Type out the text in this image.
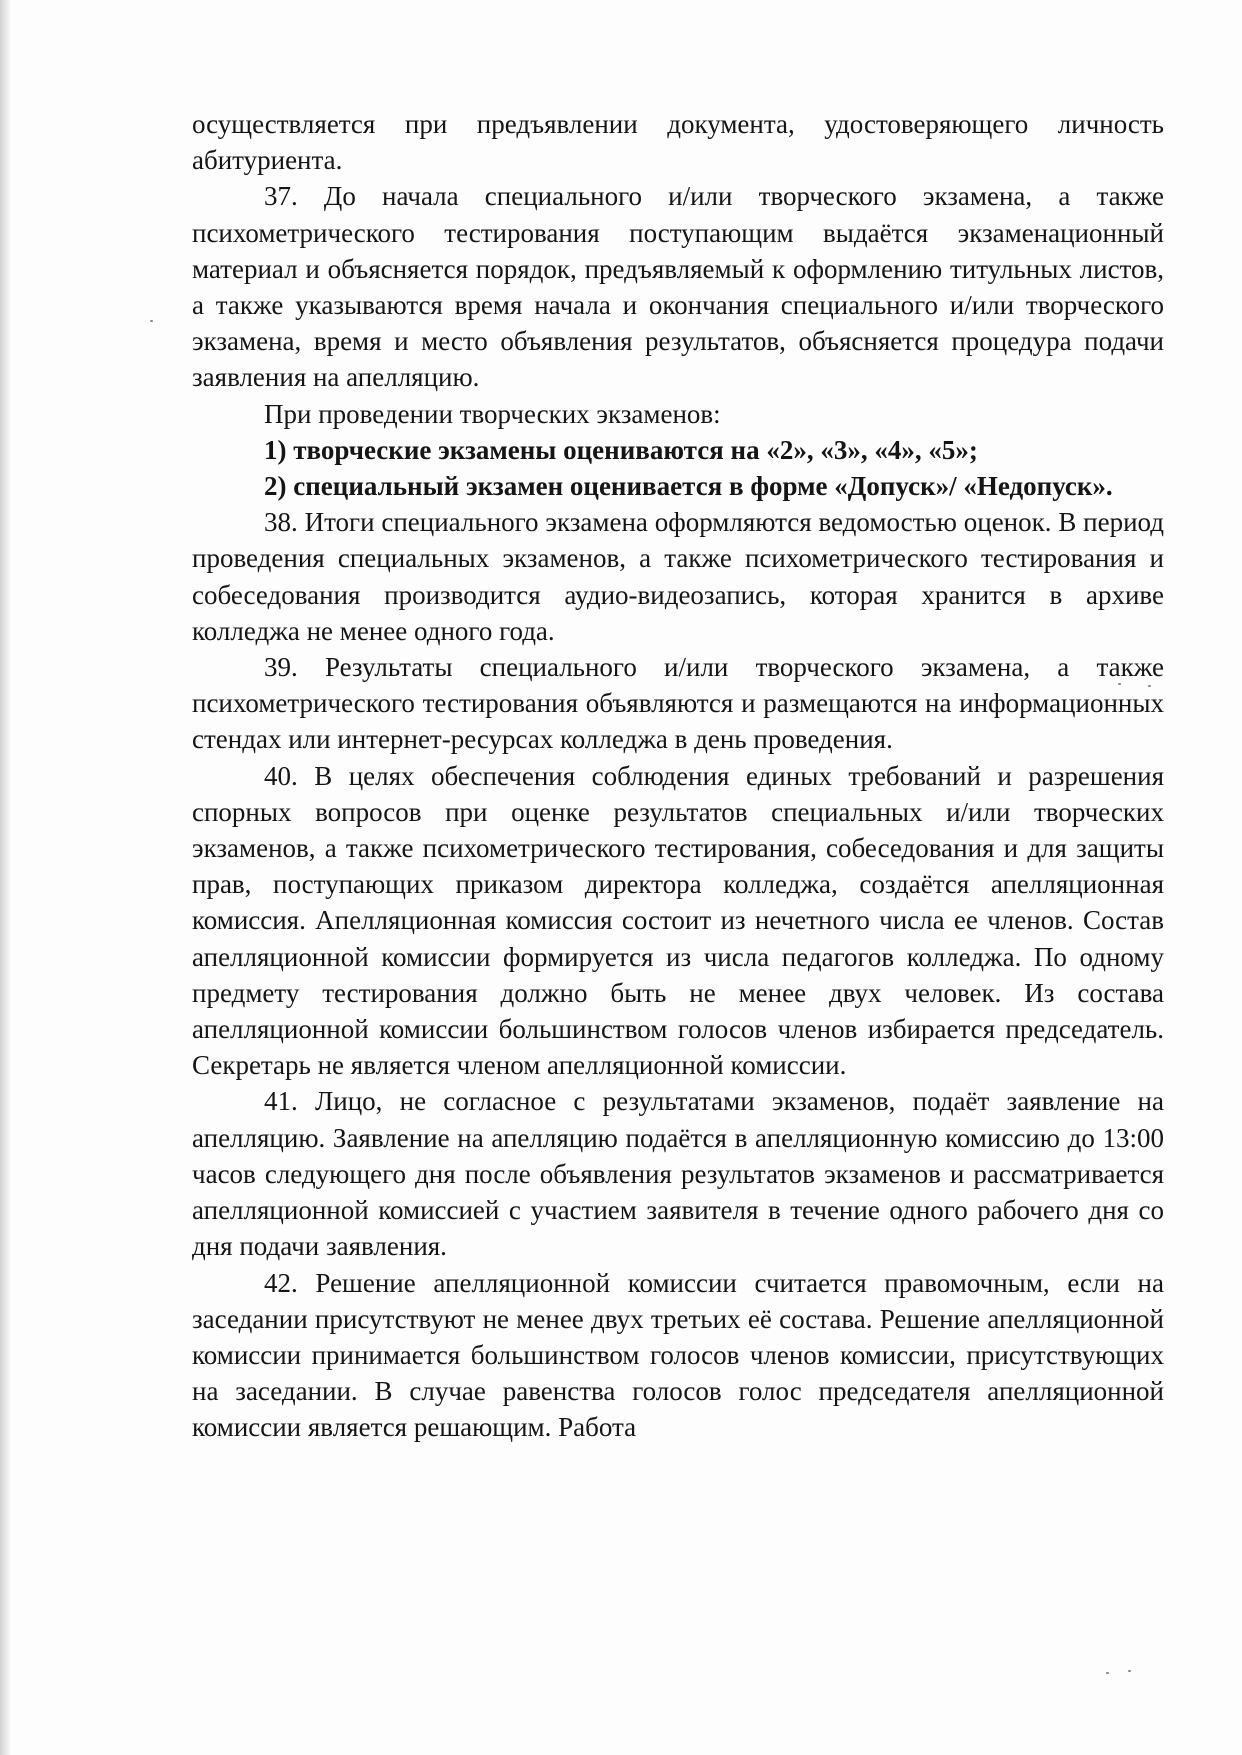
осуществляется при предъявлении документа, удостоверяющего личность абитуриента.

37. До начала специального и/или творческого экзамена, а также психометрического тестирования поступающим выдаётся экзаменационный материал и объясняется порядок, предъявляемый к оформлению титульных листов, а также указываются время начала и окончания специального и/или творческого экзамена, время и место объявления результатов, объясняется процедура подачи заявления на апелляцию.

При проведении творческих экзаменов:

1) творческие экзамены оцениваются на «2», «3», «4», «5»;

2) специальный экзамен оценивается в форме «Допуск»/ «Недопуск».

38. Итоги специального экзамена оформляются ведомостью оценок. В период проведения специальных экзаменов, а также психометрического тестирования и собеседования производится аудио-видеозапись, которая хранится в архиве колледжа не менее одного года.

39. Результаты специального и/или творческого экзамена, а также психометрического тестирования объявляются и размещаются на информационных стендах или интернет-ресурсах колледжа в день проведения.

40. В целях обеспечения соблюдения единых требований и разрешения спорных вопросов при оценке результатов специальных и/или творческих экзаменов, а также психометрического тестирования, собеседования и для защиты прав, поступающих приказом директора колледжа, создаётся апелляционная комиссия. Апелляционная комиссия состоит из нечетного числа ее членов. Состав апелляционной комиссии формируется из числа педагогов колледжа. По одному предмету тестирования должно быть не менее двух человек. Из состава апелляционной комиссии большинством голосов членов избирается председатель. Секретарь не является членом апелляционной комиссии.

41. Лицо, не согласное с результатами экзаменов, подаёт заявление на апелляцию. Заявление на апелляцию подаётся в апелляционную комиссию до 13:00 часов следующего дня после объявления результатов экзаменов и рассматривается апелляционной комиссией с участием заявителя в течение одного рабочего дня со дня подачи заявления.

42. Решение апелляционной комиссии считается правомочным, если на заседании присутствуют не менее двух третьих её состава. Решение апелляционной комиссии принимается большинством голосов членов комиссии, присутствующих на заседании. В случае равенства голосов голос председателя апелляционной комиссии является решающим. Работа
